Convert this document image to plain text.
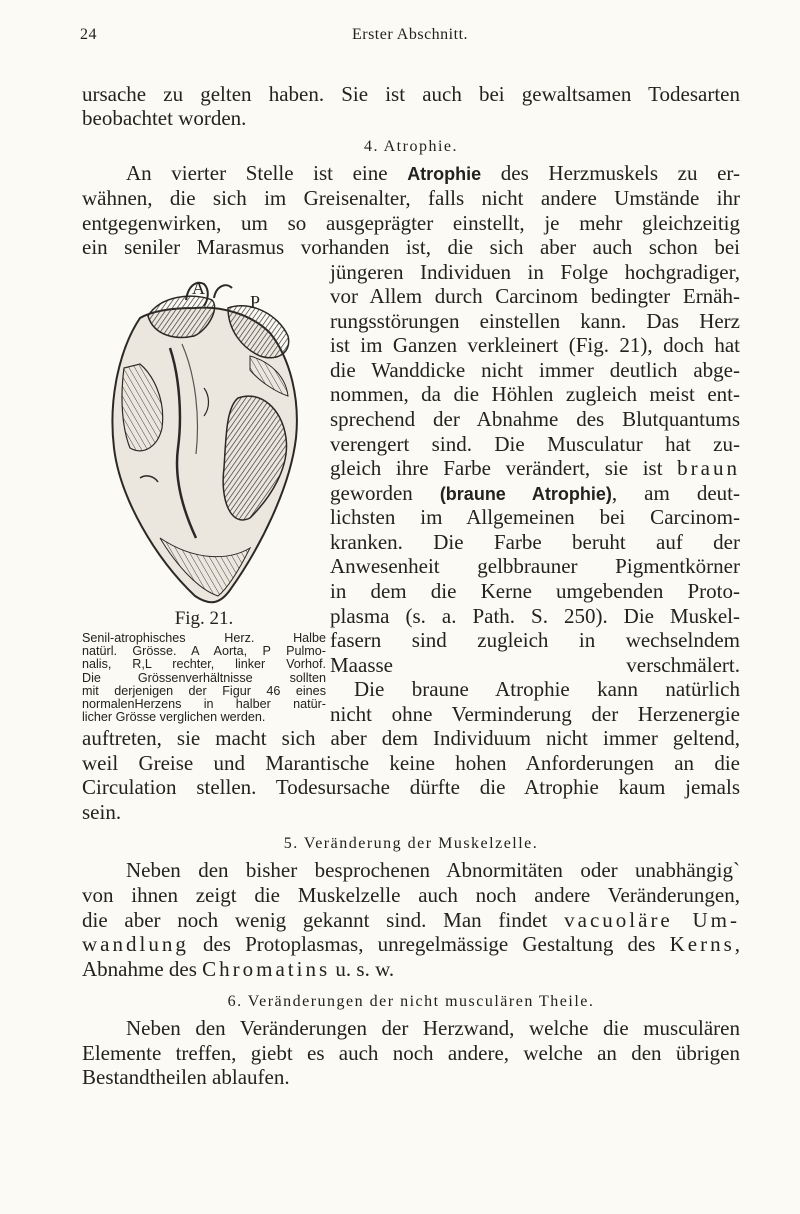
24	Erster Abschnitt.
ursache zu gelten haben. Sie ist auch bei gewaltsamen Todesarten
beobachtet worden.
4. Atrophie.
An vierter Stelle ist eine Atrophie des Herzmuskels zu er-
wähnen, die sich im Greisenalter, falls nicht andere Umstände ihr
entgegenwirken, um so ausgeprägter einstellt, je mehr gleichzeitig
ein seniler Marasmus vorhanden ist, die sich aber auch schon bei
jüngeren Individuen in Folge hochgradiger,
vor Allem durch Carcinom bedingter Ernäh-
rungsstörungen einstellen kann. Das Herz
ist im Ganzen verkleinert (Fig. 21), doch hat
die Wanddicke nicht immer deutlich abge-
nommen, da die Höhlen zugleich meist ent-
sprechend der Abnahme des Blutquantums
verengert sind. Die Musculatur hat zu-
gleich ihre Farbe verändert, sie ist braun
geworden (braune Atrophie), am deut-
lichsten im Allgemeinen bei Carcinom-
kranken. Die Farbe beruht auf der
Anwesenheit gelbbrauner Pigmentkörner
in dem die Kerne umgebenden Proto-
plasma (s. a. Path. S. 250). Die Muskel-
fasern sind zugleich in wechselndem
Maasse verschmälert.
Die braune Atrophie kann natürlich
nicht ohne Verminderung der Herzenergie
auftreten, sie macht sich aber dem Individuum nicht immer geltend,
weil Greise und Marantische keine hohen Anforderungen an die
Circulation stellen. Todesursache dürfte die Atrophie kaum jemals
sein.
A
P
Fig. 21.
Senil-atrophisches Herz. Halbe
natürl. Grösse. A Aorta, P Pulmo-
nalis, R,L rechter, linker Vorhof.
Die Grössenverhältnisse sollten
mit derjenigen der Figur 46 eines
normalenHerzens in halber natür-
licher Grösse verglichen werden.
5. Veränderung der Muskelzelle.
Neben den bisher besprochenen Abnormitäten oder unabhängig`
von ihnen zeigt die Muskelzelle auch noch andere Veränderungen,
die aber noch wenig gekannt sind. Man findet vacuoläre Um-
wandlung des Protoplasmas, unregelmässige Gestaltung des Kerns,
Abnahme des Chromatins u. s. w.
6. Veränderungen der nicht musculären Theile.
Neben den Veränderungen der Herzwand, welche die musculären
Elemente treffen, giebt es auch noch andere, welche an den übrigen
Bestandtheilen ablaufen.
